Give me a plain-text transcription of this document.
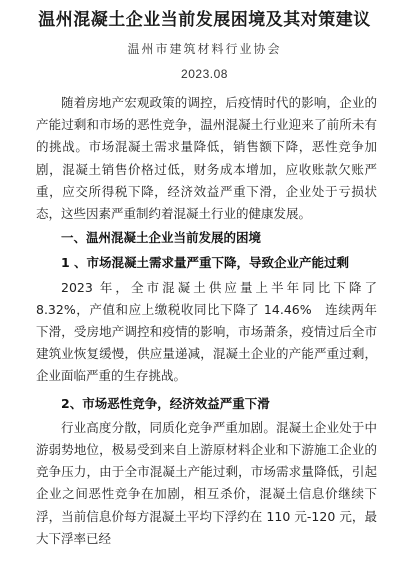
温州混凝土企业当前发展困境及其对策建议
温州市建筑材料行业协会
2023.08

随着房地产宏观政策的调控，后疫情时代的影响，企业的产能过剩和市场的恶性竞争，温州混凝土行业迎来了前所未有的挑战。市场混凝土需求量降低，销售额下降，恶性竞争加剧，混凝土销售价格过低，财务成本增加，应收账款欠账严重，应交所得税下降，经济效益严重下滑，企业处于亏损状态，这些因素严重制约着混凝土行业的健康发展。

一、温州混凝土企业当前发展的困境

1 、市场混凝土需求量严重下降，导致企业产能过剩

2023 年，全市混凝土供应量上半年同比下降了 8.32%，产值和应上缴税收同比下降了 14.46%　连续两年下滑，受房地产调控和疫情的影响，市场萧条，疫情过后全市建筑业恢复缓慢，供应量递减，混凝土企业的产能严重过剩，企业面临严重的生存挑战。

2、市场恶性竞争，经济效益严重下滑

行业高度分散，同质化竞争严重加剧。混凝土企业处于中游弱势地位，极易受到来自上游原材料企业和下游施工企业的竞争压力，由于全市混凝土产能过剩，市场需求量降低，引起企业之间恶性竞争在加剧，相互杀价，混凝土信息价继续下浮，当前信息价每方混凝土平均下浮约在 110 元-120 元，最大下浮率已经
